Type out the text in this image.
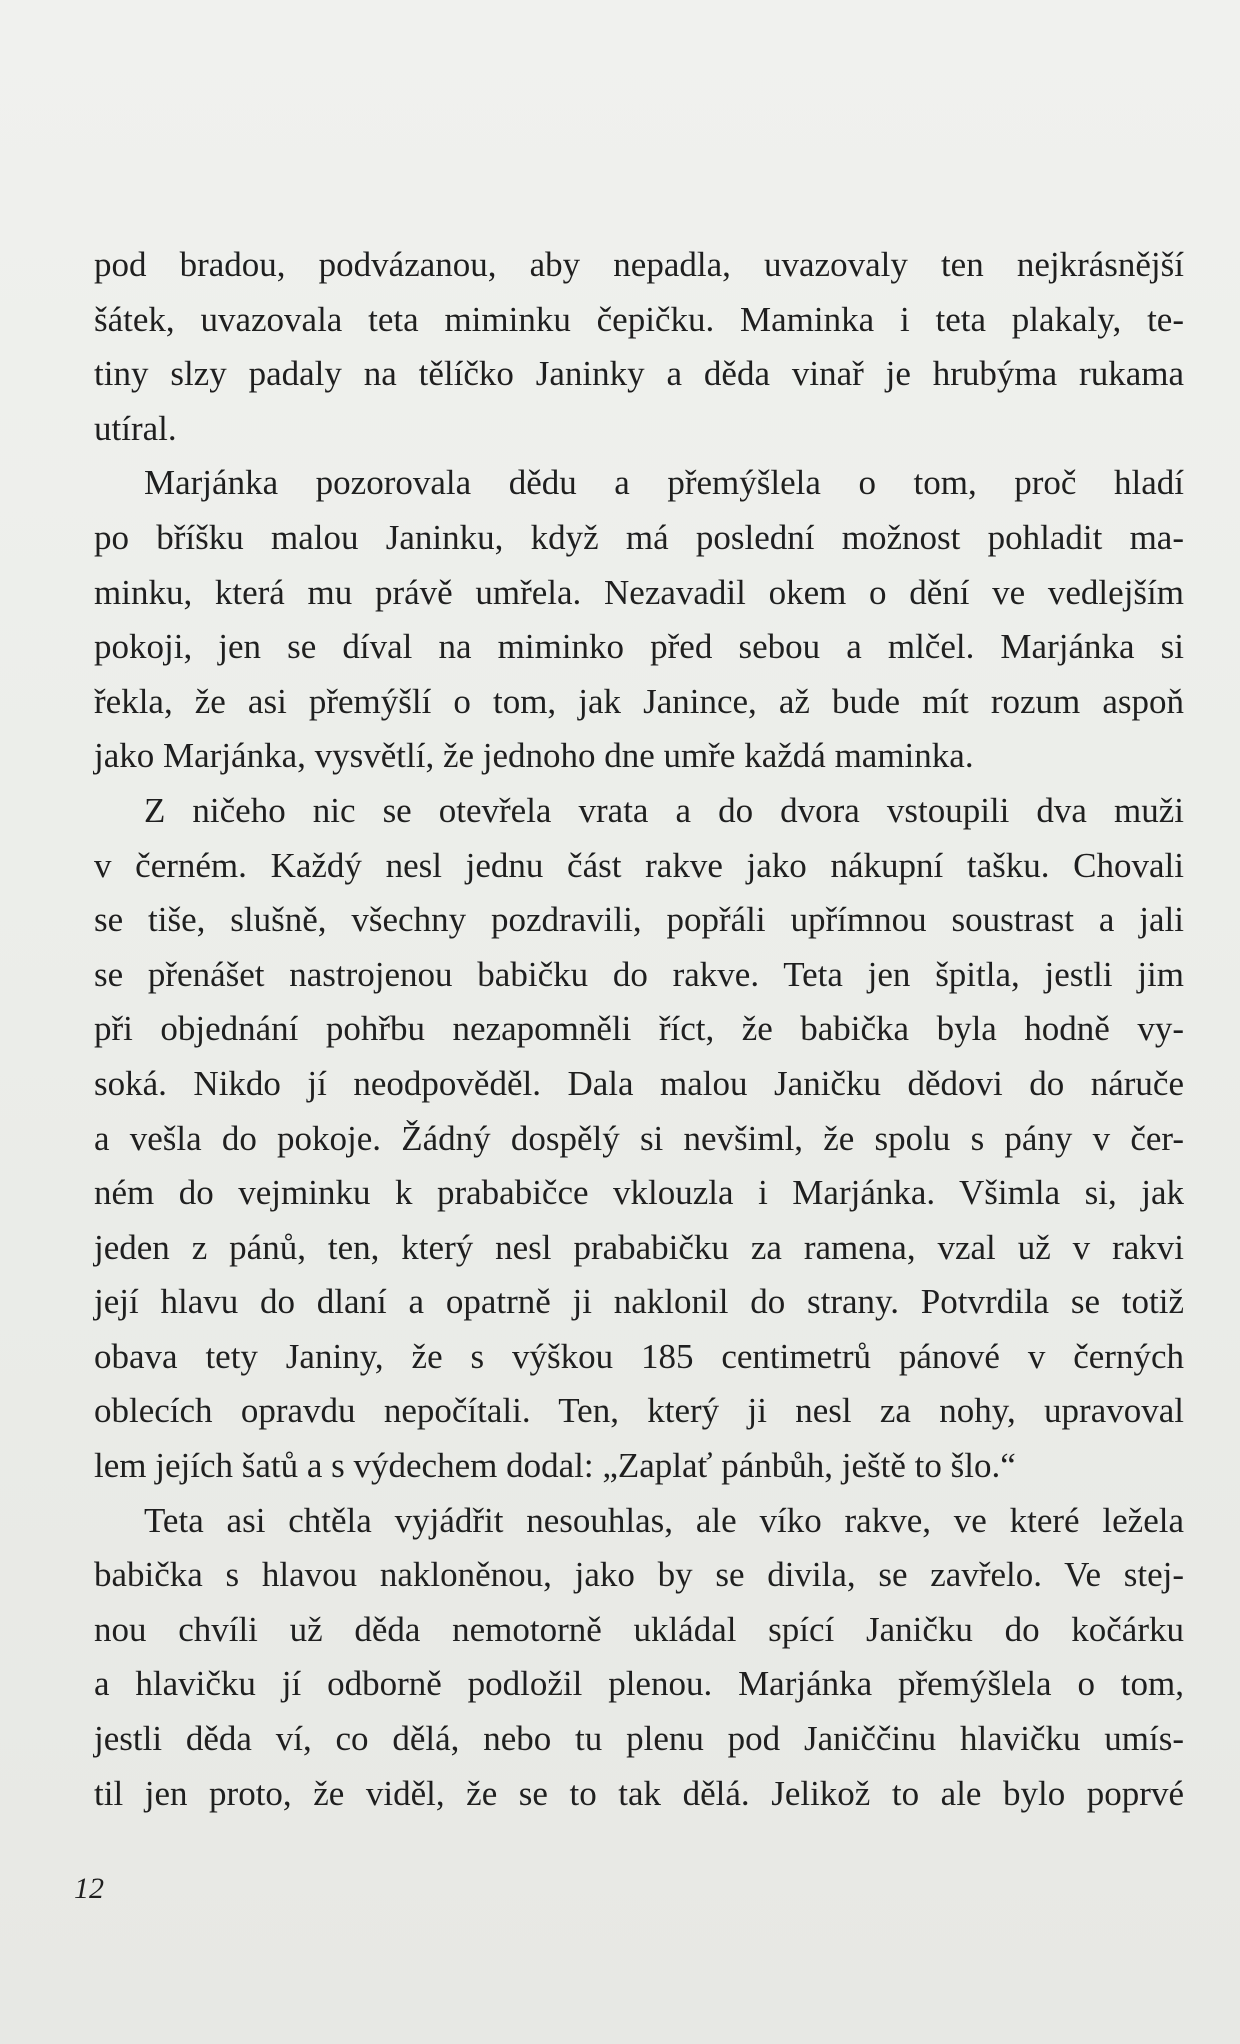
pod bradou, podvázanou, aby nepadla, uvazovaly ten nejkrásnější
šátek, uvazovala teta miminku čepičku. Maminka i teta plakaly, te-
tiny slzy padaly na tělíčko Janinky a děda vinař je hrubýma rukama
utíral.
Marjánka pozorovala dědu a přemýšlela o tom, proč hladí
po bříšku malou Janinku, když má poslední možnost pohladit ma-
minku, která mu právě umřela. Nezavadil okem o dění ve vedlejším
pokoji, jen se díval na miminko před sebou a mlčel. Marjánka si
řekla, že asi přemýšlí o tom, jak Janince, až bude mít rozum aspoň
jako Marjánka, vysvětlí, že jednoho dne umře každá maminka.
Z ničeho nic se otevřela vrata a do dvora vstoupili dva muži
v černém. Každý nesl jednu část rakve jako nákupní tašku. Chovali
se tiše, slušně, všechny pozdravili, popřáli upřímnou soustrast a jali
se přenášet nastrojenou babičku do rakve. Teta jen špitla, jestli jim
při objednání pohřbu nezapomněli říct, že babička byla hodně vy-
soká. Nikdo jí neodpověděl. Dala malou Janičku dědovi do náruče
a vešla do pokoje. Žádný dospělý si nevšiml, že spolu s pány v čer-
ném do vejminku k prababičce vklouzla i Marjánka. Všimla si, jak
jeden z pánů, ten, který nesl prababičku za ramena, vzal už v rakvi
její hlavu do dlaní a opatrně ji naklonil do strany. Potvrdila se totiž
obava tety Janiny, že s výškou 185 centimetrů pánové v černých
oblecích opravdu nepočítali. Ten, který ji nesl za nohy, upravoval
lem jejích šatů a s výdechem dodal: „Zaplať pánbůh, ještě to šlo.“
Teta asi chtěla vyjádřit nesouhlas, ale víko rakve, ve které ležela
babička s hlavou nakloněnou, jako by se divila, se zavřelo. Ve stej-
nou chvíli už děda nemotorně ukládal spící Janičku do kočárku
a hlavičku jí odborně podložil plenou. Marjánka přemýšlela o tom,
jestli děda ví, co dělá, nebo tu plenu pod Janiččinu hlavičku umís-
til jen proto, že viděl, že se to tak dělá. Jelikož to ale bylo poprvé
12
